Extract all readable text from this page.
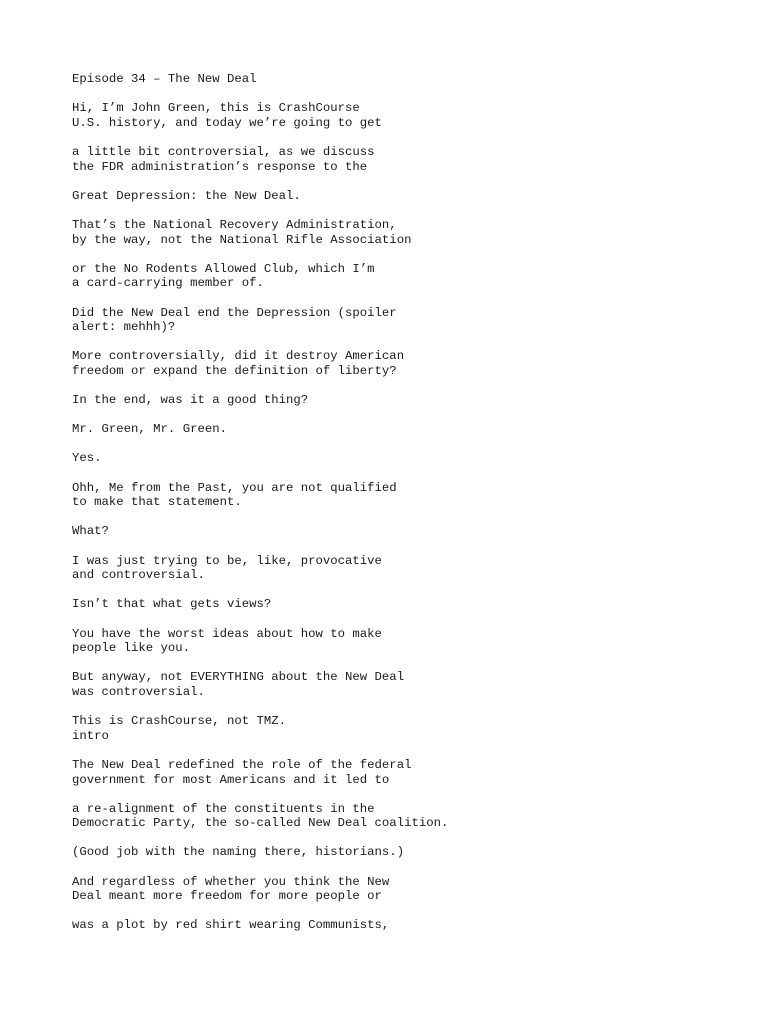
Episode 34 – The New Deal
Hi, I’m John Green, this is CrashCourse
U.S. history, and today we’re going to get
a little bit controversial, as we discuss
the FDR administration’s response to the
Great Depression: the New Deal.
That’s the National Recovery Administration,
by the way, not the National Rifle Association
or the No Rodents Allowed Club, which I’m
a card-carrying member of.
Did the New Deal end the Depression (spoiler
alert: mehhh)?
More controversially, did it destroy American
freedom or expand the definition of liberty?
In the end, was it a good thing?
Mr. Green, Mr. Green.
Yes.
Ohh, Me from the Past, you are not qualified
to make that statement.
What?
I was just trying to be, like, provocative
and controversial.
Isn’t that what gets views?
You have the worst ideas about how to make
people like you.
But anyway, not EVERYTHING about the New Deal
was controversial.
This is CrashCourse, not TMZ.
intro
The New Deal redefined the role of the federal
government for most Americans and it led to
a re-alignment of the constituents in the
Democratic Party, the so-called New Deal coalition.
(Good job with the naming there, historians.)
And regardless of whether you think the New
Deal meant more freedom for more people or
was a plot by red shirt wearing Communists,
